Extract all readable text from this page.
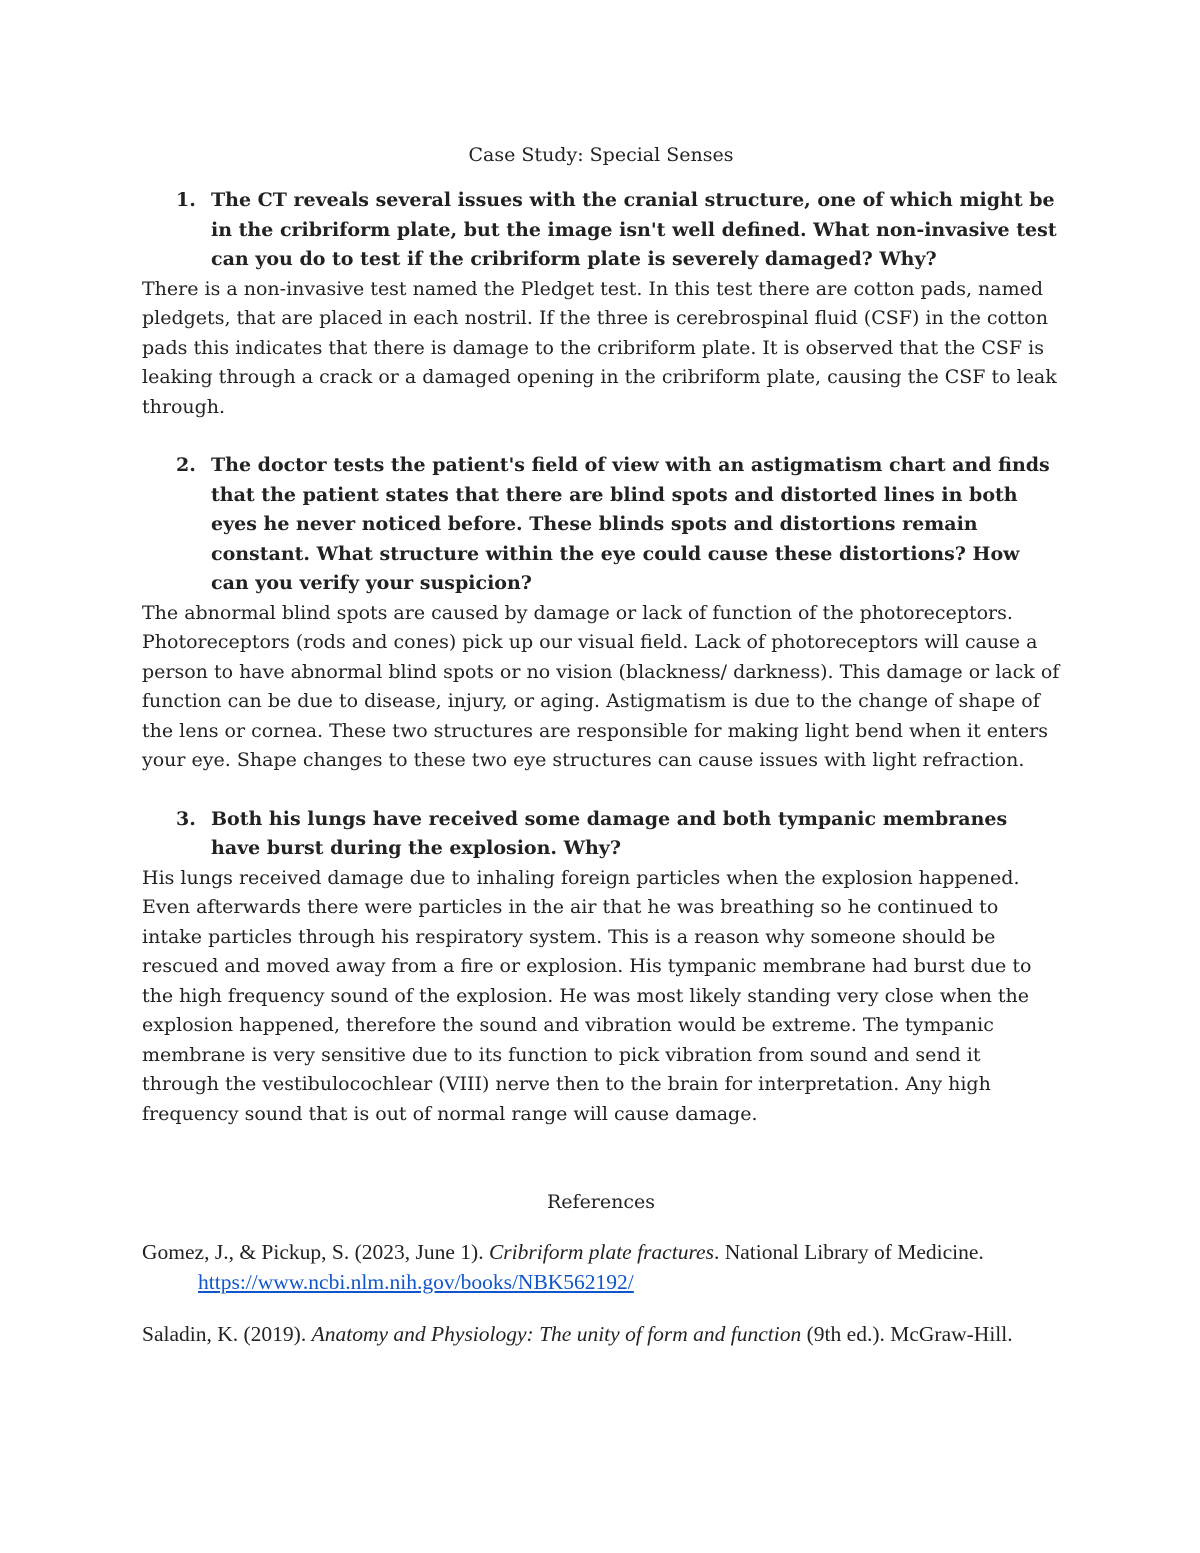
Case Study: Special Senses

1. The CT reveals several issues with the cranial structure, one of which might be in the cribriform plate, but the image isn't well defined. What non-invasive test can you do to test if the cribriform plate is severely damaged? Why?

There is a non-invasive test named the Pledget test. In this test there are cotton pads, named pledgets, that are placed in each nostril. If the three is cerebrospinal fluid (CSF) in the cotton pads this indicates that there is damage to the cribriform plate. It is observed that the CSF is leaking through a crack or a damaged opening in the cribriform plate, causing the CSF to leak through.

2. The doctor tests the patient's field of view with an astigmatism chart and finds that the patient states that there are blind spots and distorted lines in both eyes he never noticed before. These blinds spots and distortions remain constant. What structure within the eye could cause these distortions? How can you verify your suspicion?

The abnormal blind spots are caused by damage or lack of function of the photoreceptors. Photoreceptors (rods and cones) pick up our visual field. Lack of photoreceptors will cause a person to have abnormal blind spots or no vision (blackness/ darkness). This damage or lack of function can be due to disease, injury, or aging. Astigmatism is due to the change of shape of the lens or cornea. These two structures are responsible for making light bend when it enters your eye. Shape changes to these two eye structures can cause issues with light refraction.

3. Both his lungs have received some damage and both tympanic membranes have burst during the explosion. Why?

His lungs received damage due to inhaling foreign particles when the explosion happened. Even afterwards there were particles in the air that he was breathing so he continued to intake particles through his respiratory system. This is a reason why someone should be rescued and moved away from a fire or explosion. His tympanic membrane had burst due to the high frequency sound of the explosion. He was most likely standing very close when the explosion happened, therefore the sound and vibration would be extreme. The tympanic membrane is very sensitive due to its function to pick vibration from sound and send it through the vestibulocochlear (VIII) nerve then to the brain for interpretation. Any high frequency sound that is out of normal range will cause damage.

References

Gomez, J., & Pickup, S. (2023, June 1). Cribriform plate fractures. National Library of Medicine. https://www.ncbi.nlm.nih.gov/books/NBK562192/

Saladin, K. (2019). Anatomy and Physiology: The unity of form and function (9th ed.). McGraw-Hill.
